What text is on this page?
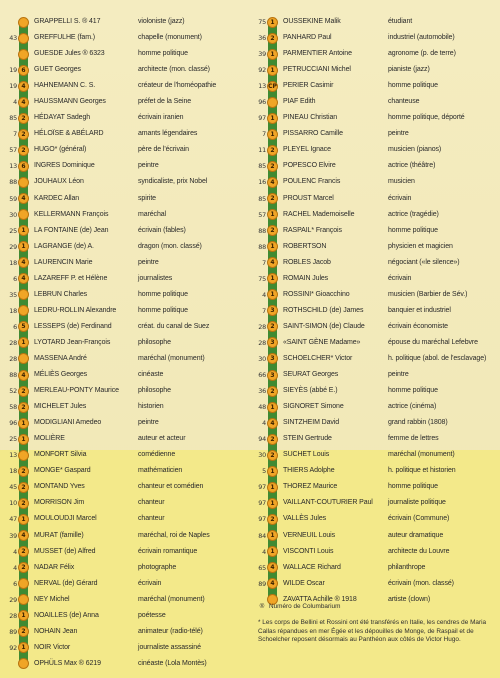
GRAPPELLI S. ® 417	violoniste (jazz)
43 GREFFULHE (fam.)	chapelle (monument)
GUESDE Jules ® 6323	homme politique
19 6	GUET Georges	architecte (mon. classé)
19 4	HAHNEMANN C. S.	créateur de l'homéopathie
4 4	HAUSSMANN Georges	préfet de la Seine
85 2	HÉDAYAT Sadegh	écrivain iranien
7 2	HÉLOÏSE & ABÉLARD	amants légendaires
57 2	HUGO* (général)	père de l'écrivain
13 6	INGRES Dominique	peintre
88 JOUHAUX Léon	syndicaliste, prix Nobel
59 4	KARDEC Allan	spirite
30 KELLERMANN François	maréchal
25 1	LA FONTAINE (de) Jean	écrivain (fables)
29 1	LAGRANGE (de) A.	dragon (mon. classé)
18 4	LAURENCIN Marie	peintre
6 4	LAZAREFF P. et Hélène	journalistes
35 LEBRUN Charles	homme politique
18 LEDRU-ROLLIN Alexandre	homme politique
6 5	LESSEPS (de) Ferdinand	créat. du canal de Suez
28 1	LYOTARD Jean-François	philosophe
28 MASSENA André	maréchal (monument)
88 4	MÉLIÈS Georges	cinéaste
52 2	MERLEAU-PONTY Maurice	philosophe
58 2	MICHELET Jules	historien
96 1	MODIGLIANI Amedeo	peintre
25 1	MOLIÈRE	auteur et acteur
13 MONFORT Silvia	comédienne
18 2	MONGE* Gaspard	mathématicien
45 2	MONTAND Yves	chanteur et comédien
10 2	MORRISON Jim	chanteur
47 1	MOULOUDJI Marcel	chanteur
39 4	MURAT (famille)	maréchal, roi de Naples
4 2	MUSSET (de) Alfred	écrivain romantique
4 2	NADAR Félix	photographe
6 NERVAL (de) Gérard	écrivain
29 NEY Michel	maréchal (monument)
28 1	NOAILLES (de) Anna	poétesse
89 2	NOHAIN Jean	animateur (radio-télé)
92 1	NOIR Victor	journaliste assassiné
OPHÜLS Max ® 6219	cinéaste (Lola Montès)
75 1	OUSSEKINE Malik	étudiant
36 2	PANHARD Paul	industriel (automobile)
39 1	PARMENTIER Antoine	agronome (p. de terre)
92 1	PETRUCCIANI Michel	pianiste (jazz)
13 CP PERIER Casimir	homme politique
96 PIAF Edith	chanteuse
97 1	PINEAU Christian	homme politique, déporté
7 1	PISSARRO Camille	peintre
11 2	PLEYEL Ignace	musicien (pianos)
85 2	POPESCO Elvire	actrice (théâtre)
16 4	POULENC Francis	musicien
85 2	PROUST Marcel	écrivain
57 1	RACHEL Mademoiselle	actrice (tragédie)
88 2	RASPAIL* François	homme politique
88 1	ROBERTSON	physicien et magicien
7 4	ROBLES Jacob	négociant («le silence»)
75 1	ROMAIN Jules	écrivain
4 1	ROSSINI* Gioacchino	musicien (Barbier de Sév.)
7 3	ROTHSCHILD (de) James	banquier et industriel
28 2	SAINT-SIMON (de) Claude	écrivain économiste
28 3	«SAINT GÈNE Madame»	épouse du maréchal Lefebvre
30 3	SCHOELCHER* Victor	h. politique (abol. de l'esclavage)
66 3	SEURAT Georges	peintre
36 2	SIEYÈS (abbé E.)	homme politique
48 1	SIGNORET Simone	actrice (cinéma)
4 4	SINTZHEIM David	grand rabbin (1808)
94 2	STEIN Gertrude	femme de lettres
30 2	SUCHET Louis	maréchal (monument)
5 1	THIERS Adolphe	h. politique et historien
97 1	THOREZ Maurice	homme politique
97 1	VAILLANT-COUTURIER Paul journaliste politique
97 2	VALLÈS Jules	écrivain (Commune)
84 1	VERNEUIL Louis	auteur dramatique
4 1	VISCONTI Louis	architecte du Louvre
65 4	WALLACE Richard	philanthrope
89 4	WILDE Oscar	écrivain (mon. classé)
ZAVATTA Achille ® 1918	artiste (clown)
® Numéro de Columbarium
* Les corps de Bellini et Rossini ont été transférés en Italie, les cendres de Maria Callas répandues en mer Égée et les dépouilles de Monge, de Raspail et de Schoelcher reposent désormais au Panthéon aux côtés de Victor Hugo.
